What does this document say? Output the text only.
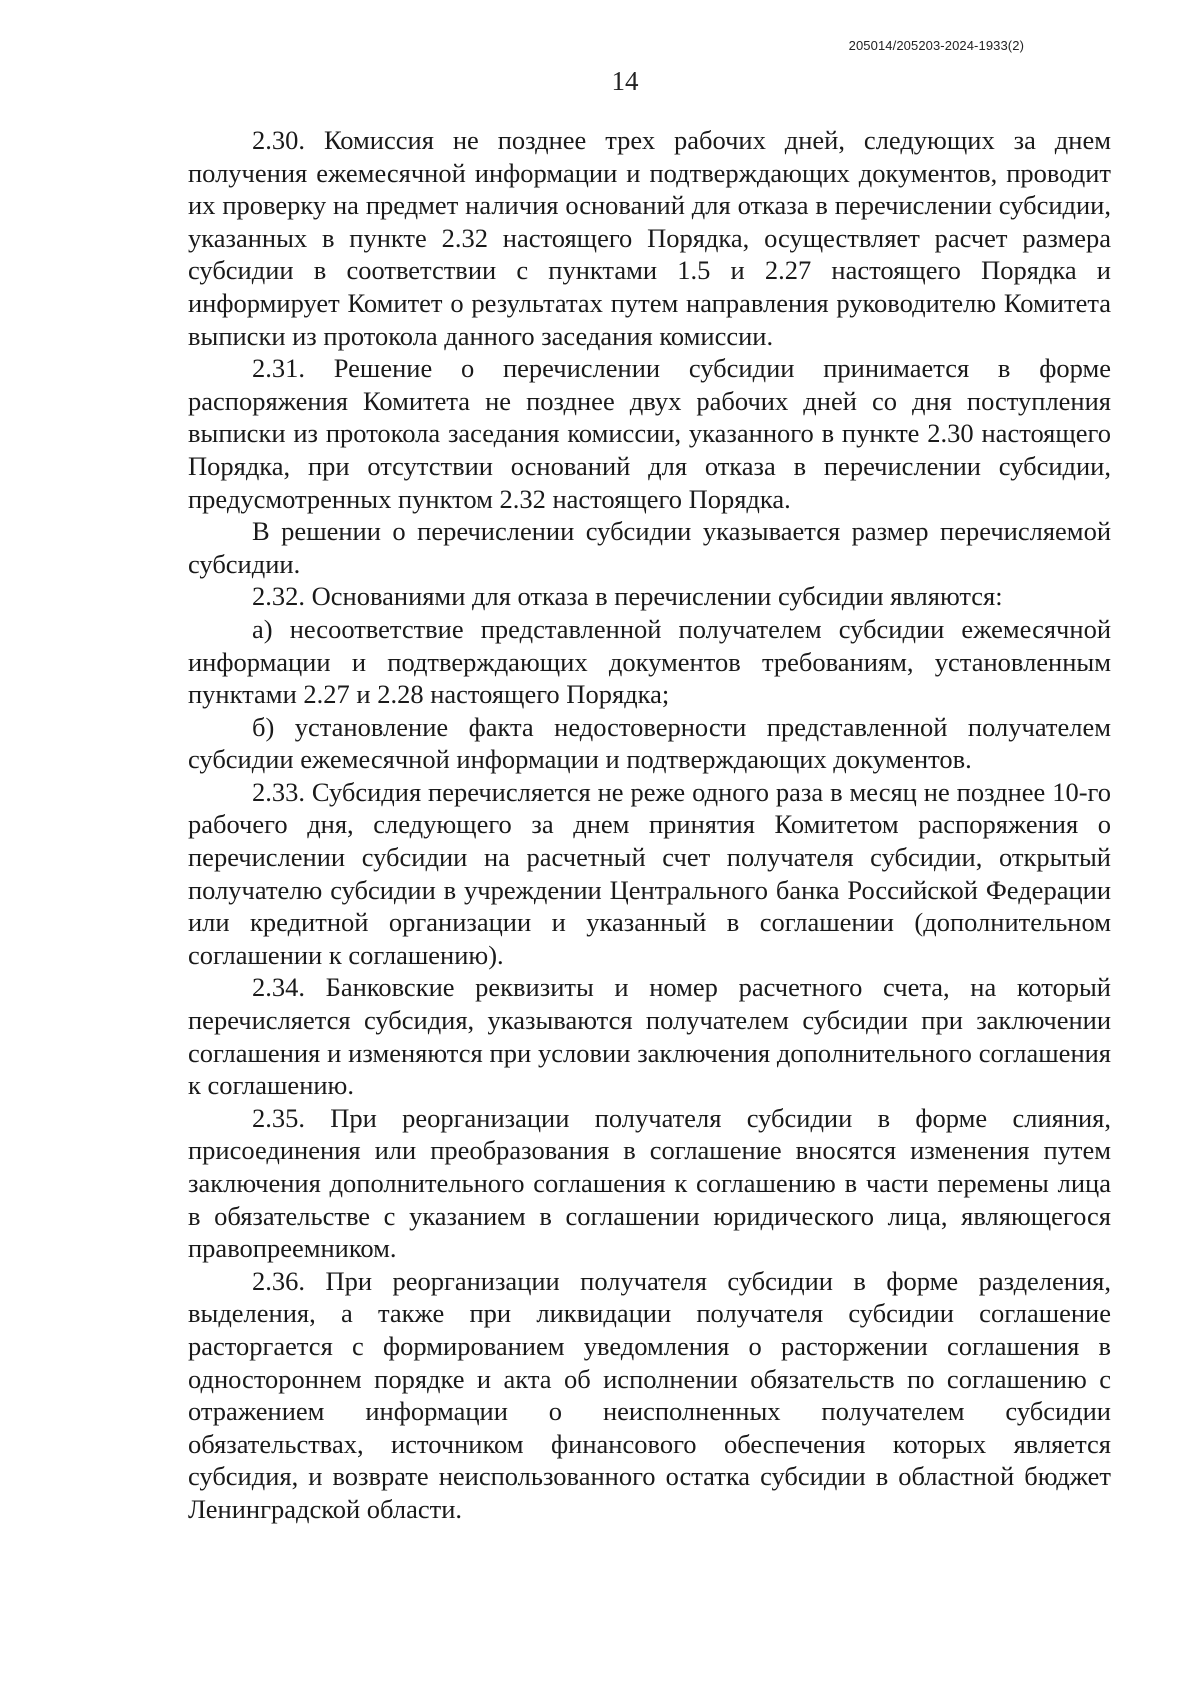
205014/205203-2024-1933(2)
14

2.30. Комиссия не позднее трех рабочих дней, следующих за днем получения ежемесячной информации и подтверждающих документов, проводит их проверку на предмет наличия оснований для отказа в перечислении субсидии, указанных в пункте 2.32 настоящего Порядка, осуществляет расчет размера субсидии в соответствии с пунктами 1.5 и 2.27 настоящего Порядка и информирует Комитет о результатах путем направления руководителю Комитета выписки из протокола данного заседания комиссии.

2.31. Решение о перечислении субсидии принимается в форме распоряжения Комитета не позднее двух рабочих дней со дня поступления выписки из протокола заседания комиссии, указанного в пункте 2.30 настоящего Порядка, при отсутствии оснований для отказа в перечислении субсидии, предусмотренных пунктом 2.32 настоящего Порядка.

В решении о перечислении субсидии указывается размер перечисляемой субсидии.

2.32. Основаниями для отказа в перечислении субсидии являются:

а) несоответствие представленной получателем субсидии ежемесячной информации и подтверждающих документов требованиям, установленным пунктами 2.27 и 2.28 настоящего Порядка;

б) установление факта недостоверности представленной получателем субсидии ежемесячной информации и подтверждающих документов.

2.33. Субсидия перечисляется не реже одного раза в месяц не позднее 10-го рабочего дня, следующего за днем принятия Комитетом распоряжения о перечислении субсидии на расчетный счет получателя субсидии, открытый получателю субсидии в учреждении Центрального банка Российской Федерации или кредитной организации и указанный в соглашении (дополнительном соглашении к соглашению).

2.34. Банковские реквизиты и номер расчетного счета, на который перечисляется субсидия, указываются получателем субсидии при заключении соглашения и изменяются при условии заключения дополнительного соглашения к соглашению.

2.35. При реорганизации получателя субсидии в форме слияния, присоединения или преобразования в соглашение вносятся изменения путем заключения дополнительного соглашения к соглашению в части перемены лица в обязательстве с указанием в соглашении юридического лица, являющегося правопреемником.

2.36. При реорганизации получателя субсидии в форме разделения, выделения, а также при ликвидации получателя субсидии соглашение расторгается с формированием уведомления о расторжении соглашения в одностороннем порядке и акта об исполнении обязательств по соглашению с отражением информации о неисполненных получателем субсидии обязательствах, источником финансового обеспечения которых является субсидия, и возврате неиспользованного остатка субсидии в областной бюджет Ленинградской области.
